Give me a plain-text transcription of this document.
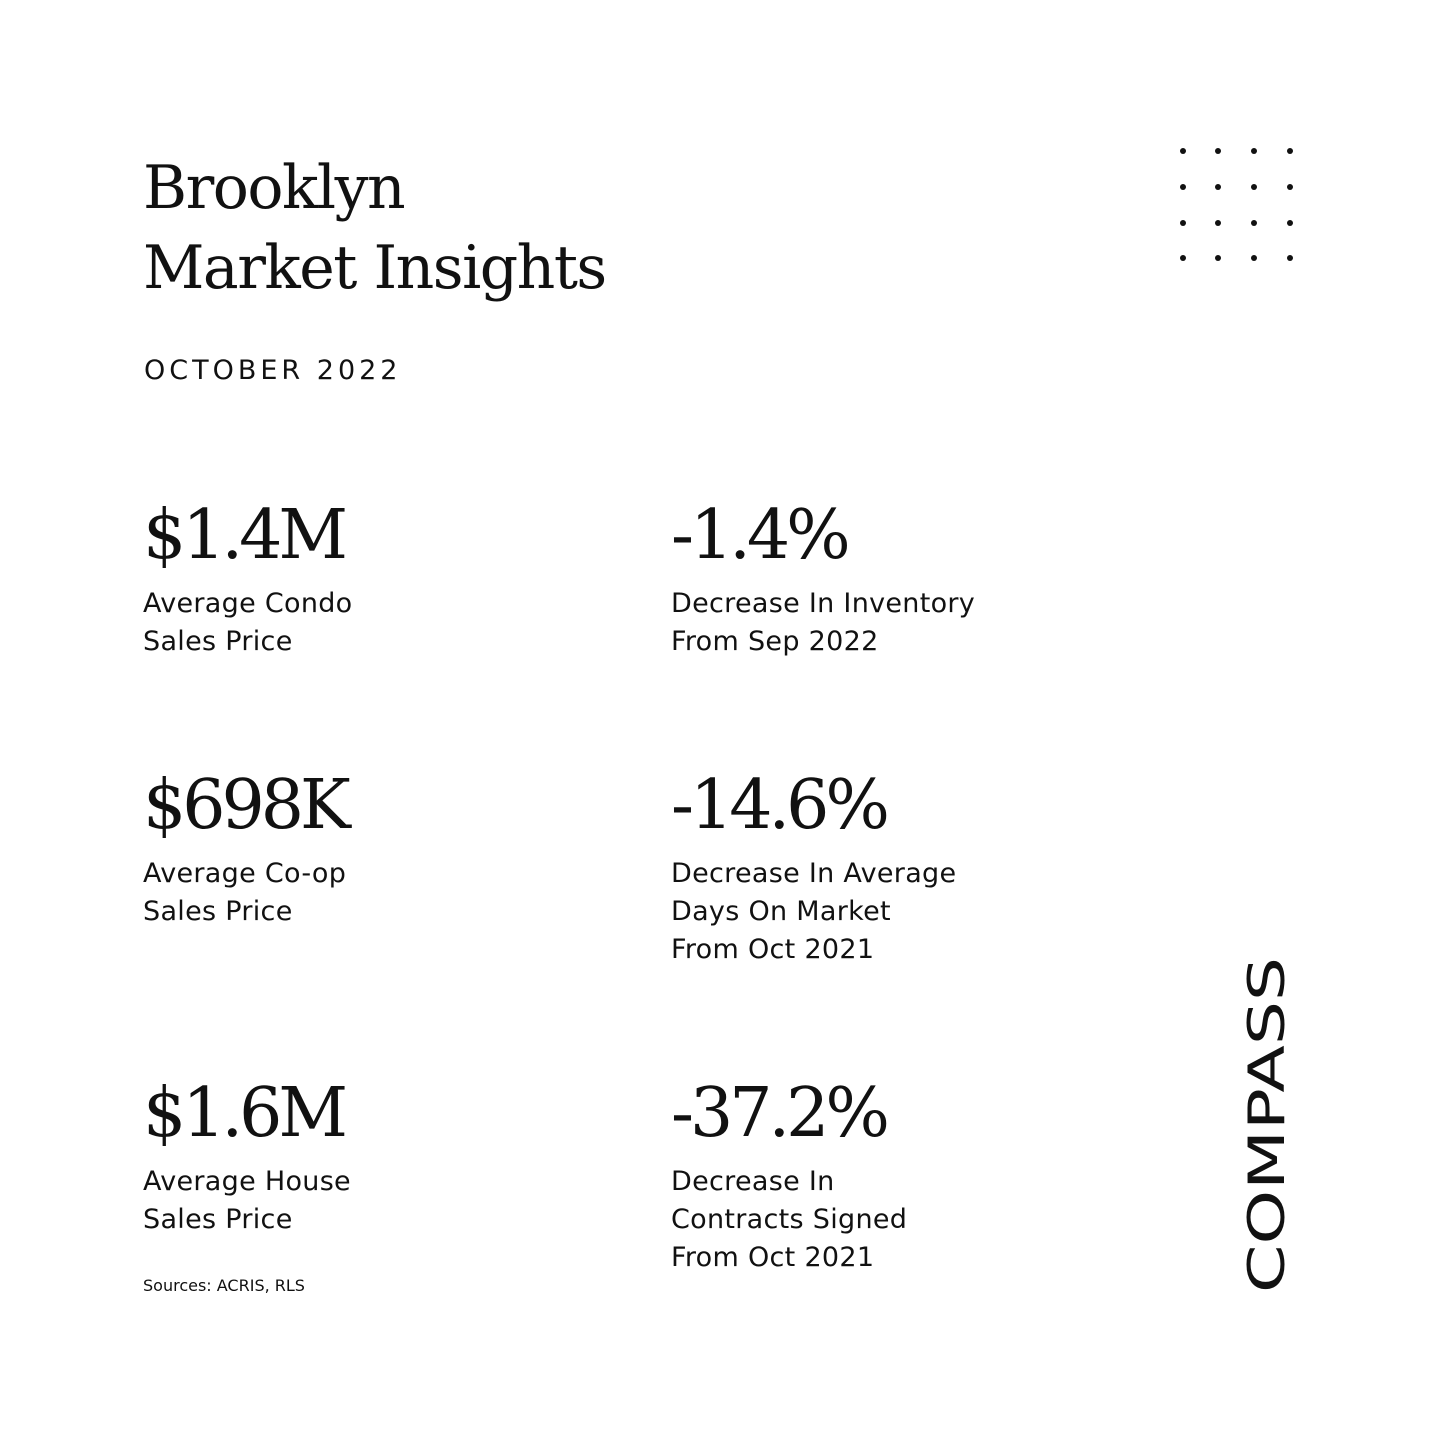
Brooklyn
Market Insights
OCTOBER 2022
$1.4M
Average Condo
Sales Price
-1.4%
Decrease In Inventory
From Sep 2022
$698K
Average Co-op
Sales Price
-14.6%
Decrease In Average
Days On Market
From Oct 2021
$1.6M
Average House
Sales Price
-37.2%
Decrease In
Contracts Signed
From Oct 2021
Sources: ACRIS, RLS	COMPASS
